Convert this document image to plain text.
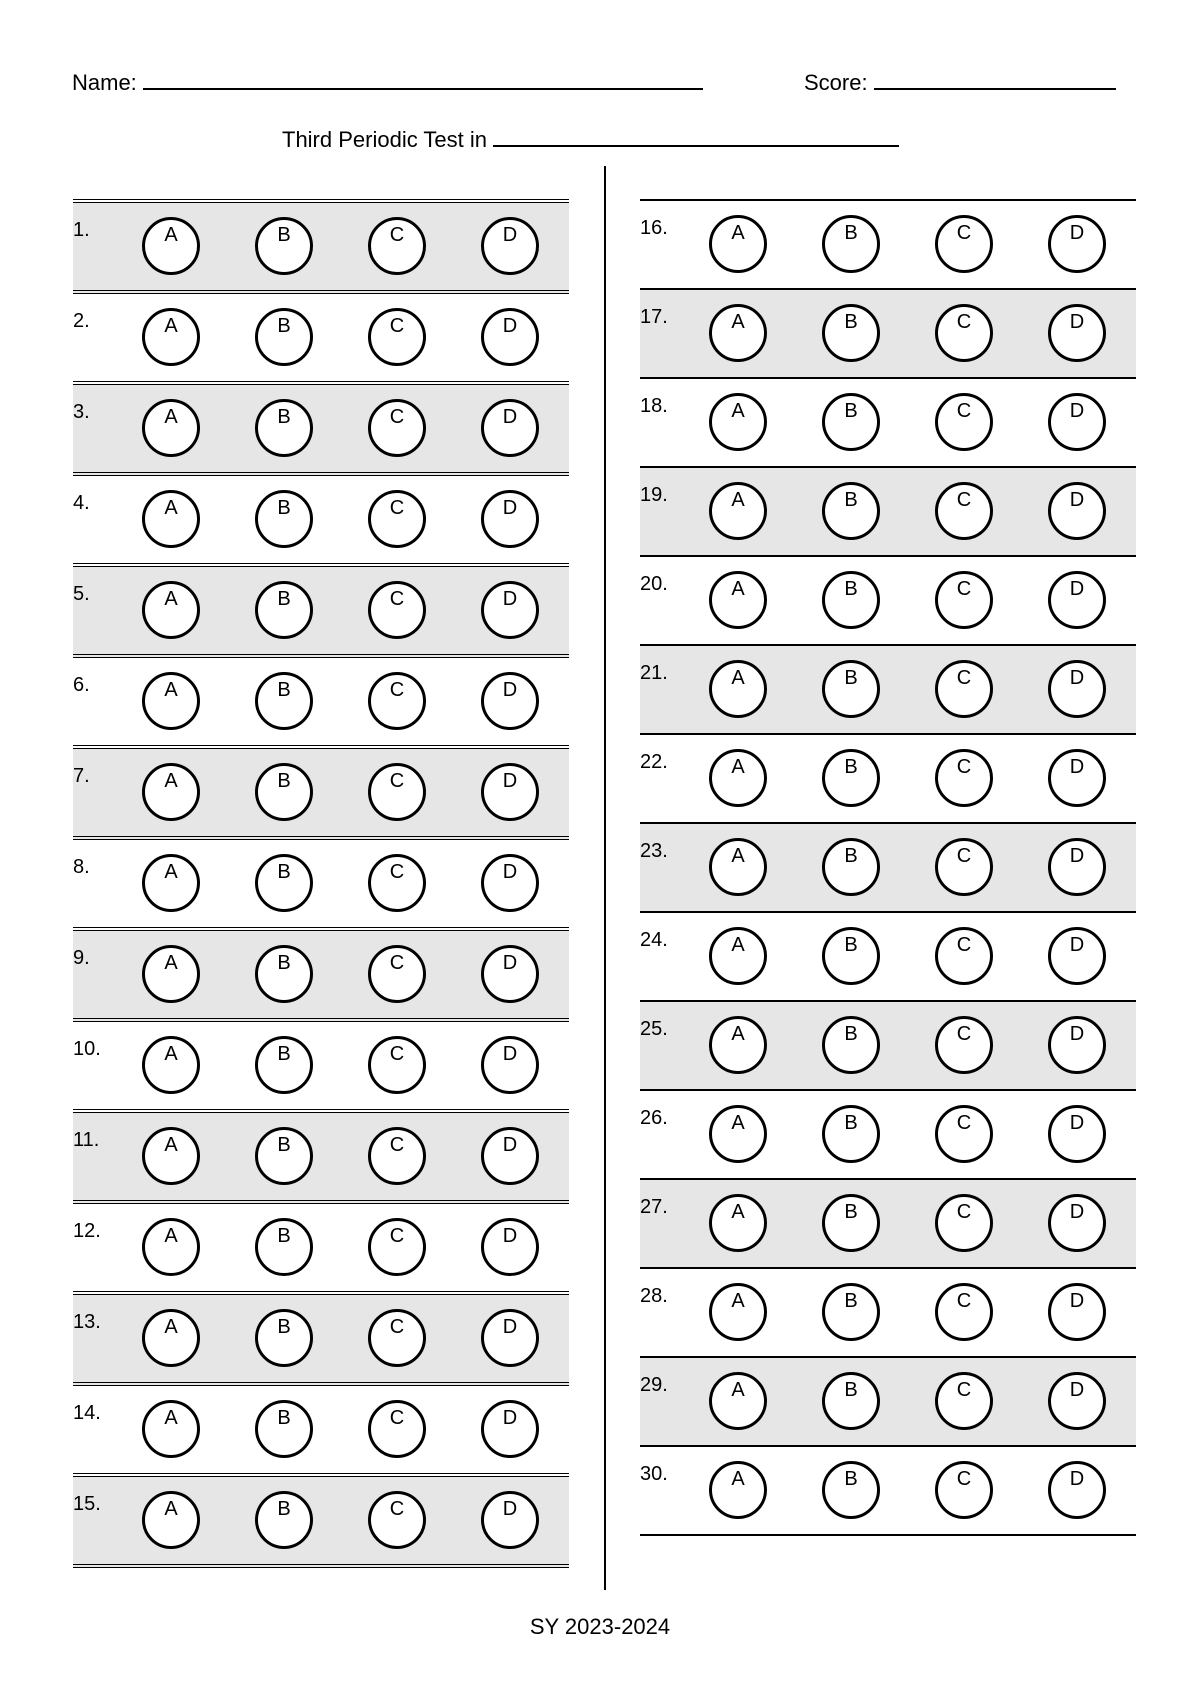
Name:	Score:
Third Periodic Test in
1.	A	B	C	D
2.	A	B	C	D
3.	A	B	C	D
4.	A	B	C	D
5.	A	B	C	D
6.	A	B	C	D
7.	A	B	C	D
8.	A	B	C	D
9.	A	B	C	D
10.	A	B	C	D
11.	A	B	C	D
12.	A	B	C	D
13.	A	B	C	D
14.	A	B	C	D
15.	A	B	C	D
16.	A	B	C	D
17.	A	B	C	D
18.	A	B	C	D
19.	A	B	C	D
20.	A	B	C	D
21.	A	B	C	D
22.	A	B	C	D
23.	A	B	C	D
24.	A	B	C	D
25.	A	B	C	D
26.	A	B	C	D
27.	A	B	C	D
28.	A	B	C	D
29.	A	B	C	D
30.	A	B	C	D
SY 2023-2024
